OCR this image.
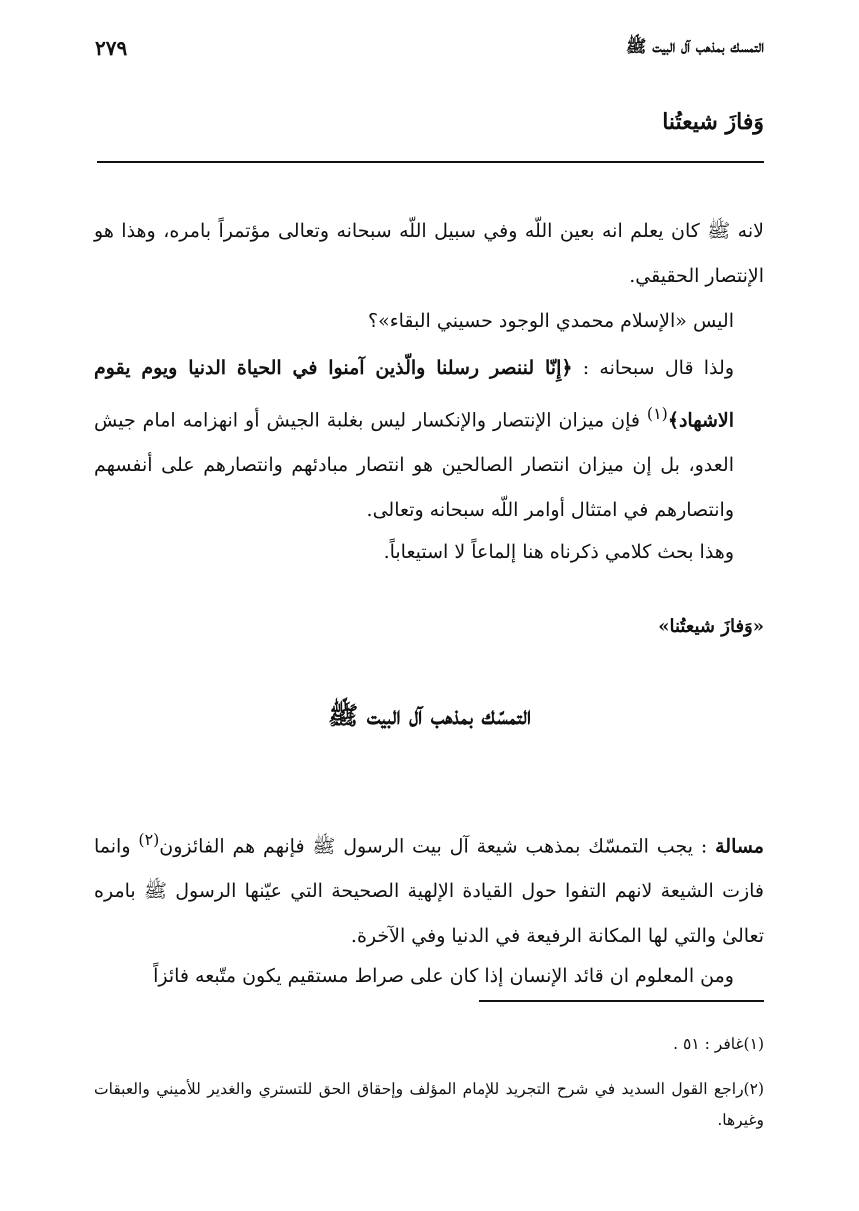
التمسك بمذهب آل البيت ﷺ
٢٧٩
وَفازَ شيعتُنا

لانه ﷺ كان يعلم انه بعين اللّه وفي سبيل اللّه سبحانه وتعالى مؤتمراً بامره، وهذا هو الإنتصار الحقيقي.

اليس «الإسلام محمدي الوجود حسيني البقاء»؟

ولذا قال سبحانه : ﴿إِنّا لننصر رسلنا والّذين آمنوا في الحياة الدنيا ويوم يقوم الاشهاد﴾$^{(١)}$ فإن ميزان الإنتصار والإنكسار ليس بغلبة الجيش أو انهزامه امام جيش العدو، بل إن ميزان انتصار الصالحين هو انتصار مبادئهم وانتصارهم على أنفسهم وانتصارهم في امتثال أوامر اللّه سبحانه وتعالى.

وهذا بحث كلامي ذكرناه هنا إلماعاً لا استيعاباً.

«وَفازَ شيعتُنا»
التمسّك بمذهب آل البيت ﷺ

مسالة : يجب التمسّك بمذهب شيعة آل بيت الرسول ﷺ فإنهم هم الفائزون$^{(٢)}$ وانما فازت الشيعة لانهم التفوا حول القيادة الإلهية الصحيحة التي عيّنها الرسول ﷺ بامره تعالىٰ والتي لها المكانة الرفيعة في الدنيا وفي الآخرة.

ومن المعلوم ان قائد الإنسان إذا كان على صراط مستقيم يكون متّبعه فائزاً

(١)غافر : ٥١ .

(٢)راجع القول السديد في شرح التجريد للإمام المؤلف وإحقاق الحق للتستري والغدير للأميني والعبقات وغيرها.
